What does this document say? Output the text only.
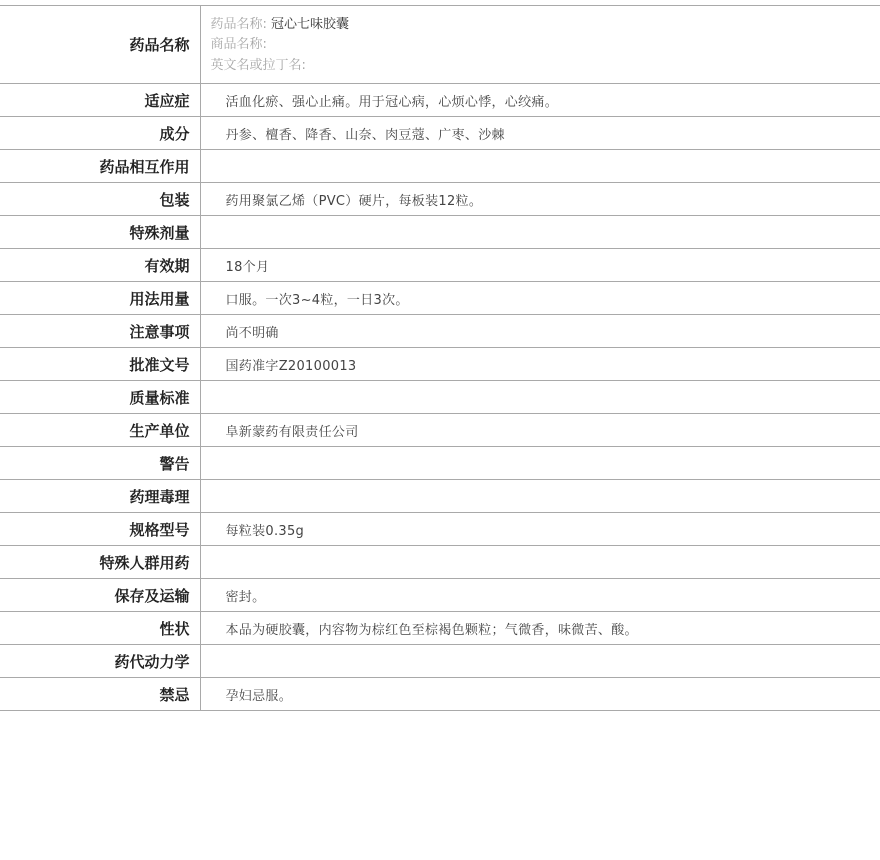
药品名称	药品名称: 冠心七味胶囊
商品名称:
英文名或拉丁名:

适应症	活血化瘀、强心止痛。用于冠心病，心烦心悸，心绞痛。
成分	丹参、檀香、降香、山奈、肉豆蔻、广枣、沙棘
药品相互作用	
包装	药用聚氯乙烯（PVC）硬片，每板装12粒。
特殊剂量	
有效期	18个月
用法用量	口服。一次3~4粒，一日3次。
注意事项	尚不明确
批准文号	国药准字Z20100013
质量标准	
生产单位	阜新蒙药有限责任公司
警告	
药理毒理	
规格型号	每粒装0.35g
特殊人群用药	
保存及运输	密封。
性状	本品为硬胶囊，内容物为棕红色至棕褐色颗粒；气微香，味微苦、酸。
药代动力学	
禁忌	孕妇忌服。
